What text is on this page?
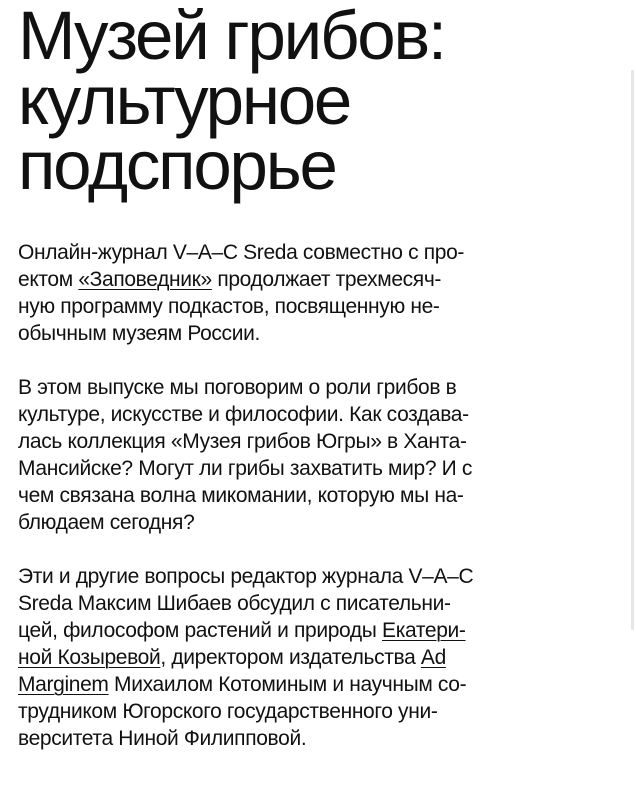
Музей грибов:
культурное
подспорье

Онлайн-журнал V–A–C Sreda совместно с про-
ектом «Заповедник» продолжает трехмесяч-
ную программу подкастов, посвященную не-
обычным музеям России.

В этом выпуске мы поговорим о роли грибов в
культуре, искусстве и философии. Как создава-
лась коллекция «Музея грибов Югры» в Ханта-
Мансийске? Могут ли грибы захватить мир? И с
чем связана волна микомании, которую мы на-
блюдаем сегодня?

Эти и другие вопросы редактор журнала V–A–C
Sreda Максим Шибаев обсудил с писательни-
цей, философом растений и природы Екатери-
ной Козыревой, директором издательства Ad
Marginem Михаилом Котоминым и научным со-
трудником Югорского государственного уни-
верситета Ниной Филипповой.
